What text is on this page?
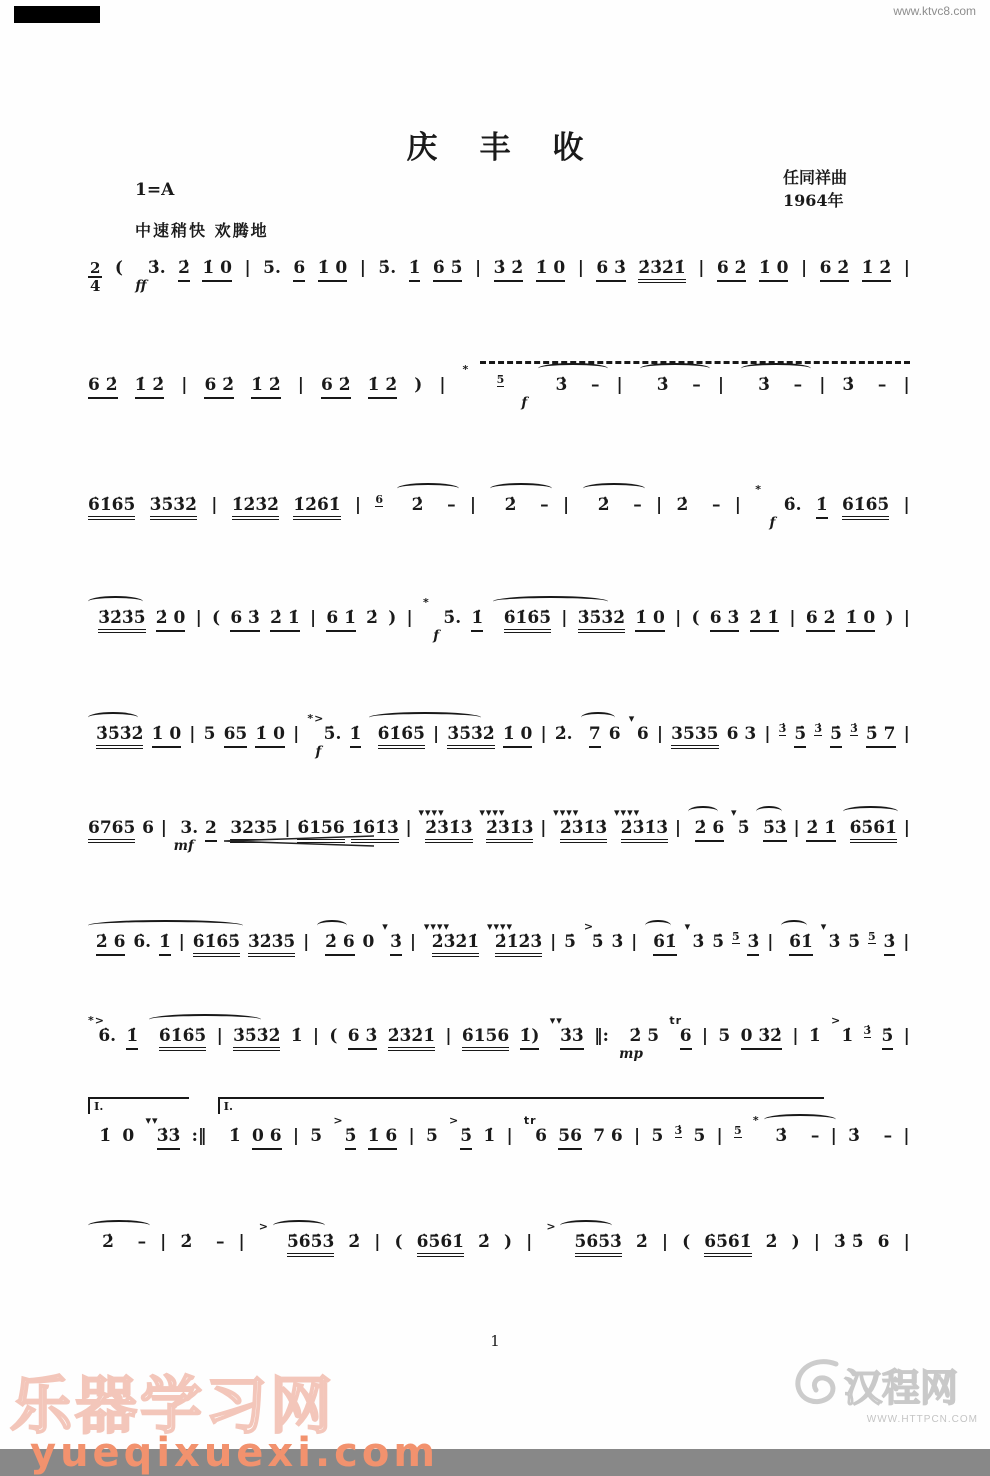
www.ktvc8.com
庆丰收
1=A
任同祥曲
1964年
中速稍快 欢腾地
2
4
(
ff
3̇. 2̇ 1̇ 0 | 5. 6 1̇ 0 | 5̇. 1̇ 6̇ 5̇ | 3̇ 2̇ 1̇ 0 | 6 3̇ 2̇3̇2̇1̇ | 6 2̇ 1̇ 0 | 6 2̇ 1̇ 2̇ |
6 2̇ 1̇ 2̇ | 6 2̇ 1̇ 2̇ | 6 2̇ 1̇ 2̇ ) |
*
5
f
3̇    – | 3̇    – | 3̇    – | 3̇    – |
6̇1̇6̇5̇ 3̇5̇3̇2̇ | 1̇2̇3̇2̇ 1̇2̇6̇1̇ | 6 2̇    – | 2̇    – | 2̇    – | 2̇    – |
*
f
6̇. 1̇ 6̇1̇6̇5̇ |
3̇2̇3̇5̇ 2̇ 0 | ( 6 3̇ 2̇ 1̇ | 6 1̇ 2̇ ) |
*
f
5̇. 1̇ 6̇1̇6̇5̇ | 3̇5̇3̇2̇ 1̇ 0 | ( 6 3̇ 2̇ 1̇ | 6 2̇ 1̇ 0 ) |
3̇5̇3̇2̇ 1̇ 0 | 5 65 1̇ 0 |
*>
f
5̇. 1̇ 6̇1̇6̇5̇ | 3̇5̇3̇2̇ 1̇ 0 | 2̇. 7 6
▾
6 | 3535 6 3 | 3̇ 5̇ 3̇ 5̇ 3̇ 5̇ 7 |
6765 6 |
mf
3. 2 3235 | 6̇156 1̇6̇1̇3̇ |
▾▾▾▾
2̇3̇1̇3̇
▾▾▾▾
2̇3̇1̇3̇ |
▾▾▾▾
2̇3̇1̇3̇
▾▾▾▾
2̇3̇1̇3̇ | 2̇ 6
▾
5̇ 5̇3̇ | 2̇ 1̇ 6̇5̇6̇1̇ |
2̇ 6 6̇. 1̇ | 6̇1̇6̇5̇ 3̇2̇3̇5̇ | 2̇ 6 0
▾
3̇ |
▾▾▾▾
2̇3̇2̇1̇
▾▾▾▾
2̇1̇2̇3̇ | 5̇
>
5̇ 3̇ | 6̇1̇
▾
3̇ 5̇ 5 3̇ | 6̇1̇
▾
3̇ 5̇ 5 3̇ |
*>
6̇. 1̇ 6̇1̇6̇5̇ | 3̇5̇3̇2̇ 1̇ | ( 6 3̇ 2̇3̇2̇1̇ | 6̇156 1̇)
▾▾
3̇3̇ ‖:
mp
2̇ 5
tr
6 | 5 0 3̇2̇ | 1̇
>
1̇ 3̇ 5̇ |
Ⅰ.
1̇ 0
▾▾
3̇3̇ :‖
Ⅰ.
1̇ 0 6 | 5
>
5̇ 1̇ 6 | 5
>
5̇ 1̇ |
tr
6 56 7 6 | 5 3̇ 5 | 5
*
3̇    – | 3̇    – |
2̇    – | 2̇    – |
>
5̇6̇5̇3̇ 2̇ | ( 6̇5̇6̇1̇ 2̇ ) |
>
5̇6̇5̇3̇ 2̇ | ( 6̇5̇6̇1̇ 2̇ ) | 3̇ 5̇ 6 |
1
乐器学习网
yueqixuexi.com
汉程网
WWW.HTTPCN.COM
